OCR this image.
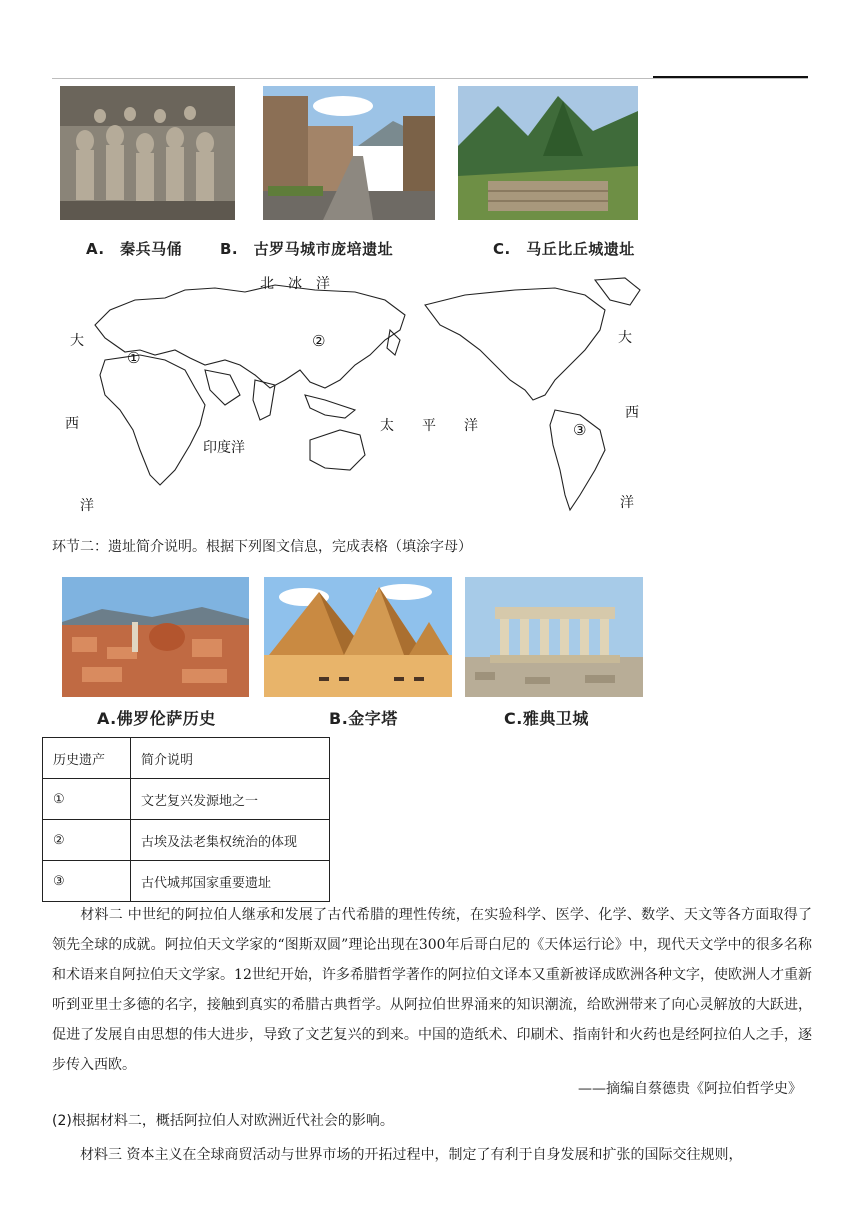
A.　秦兵马俑	B.　古罗马城市庞培遗址	C.　马丘比丘城遗址
北　冰　洋
大
西
洋
大
西
洋
印度洋
太　　平　　洋
①
②
③
环节二：遗址简介说明。根据下列图文信息，完成表格（填涂字母）
A.佛罗伦萨历史	B.金字塔	C.雅典卫城
历史遗产	简介说明
①	文艺复兴发源地之一
②	古埃及法老集权统治的体现
③	古代城邦国家重要遗址
材料二 中世纪的阿拉伯人继承和发展了古代希腊的理性传统，在实验科学、医学、化学、数学、天文等各方面取得了领先全球的成就。阿拉伯天文学家的“图斯双圆”理论出现在300年后哥白尼的《天体运行论》中，现代天文学中的很多名称和术语来自阿拉伯天文学家。12世纪开始，许多希腊哲学著作的阿拉伯文译本又重新被译成欧洲各种文字，使欧洲人才重新听到亚里士多德的名字，接触到真实的希腊古典哲学。从阿拉伯世界涌来的知识潮流，给欧洲带来了向心灵解放的大跃进，促进了发展自由思想的伟大进步，导致了文艺复兴的到来。中国的造纸术、印刷术、指南针和火药也是经阿拉伯人之手，逐步传入西欧。
——摘编自蔡德贵《阿拉伯哲学史》
(2)根据材料二，概括阿拉伯人对欧洲近代社会的影响。
材料三 资本主义在全球商贸活动与世界市场的开拓过程中，制定了有利于自身发展和扩张的国际交往规则，
